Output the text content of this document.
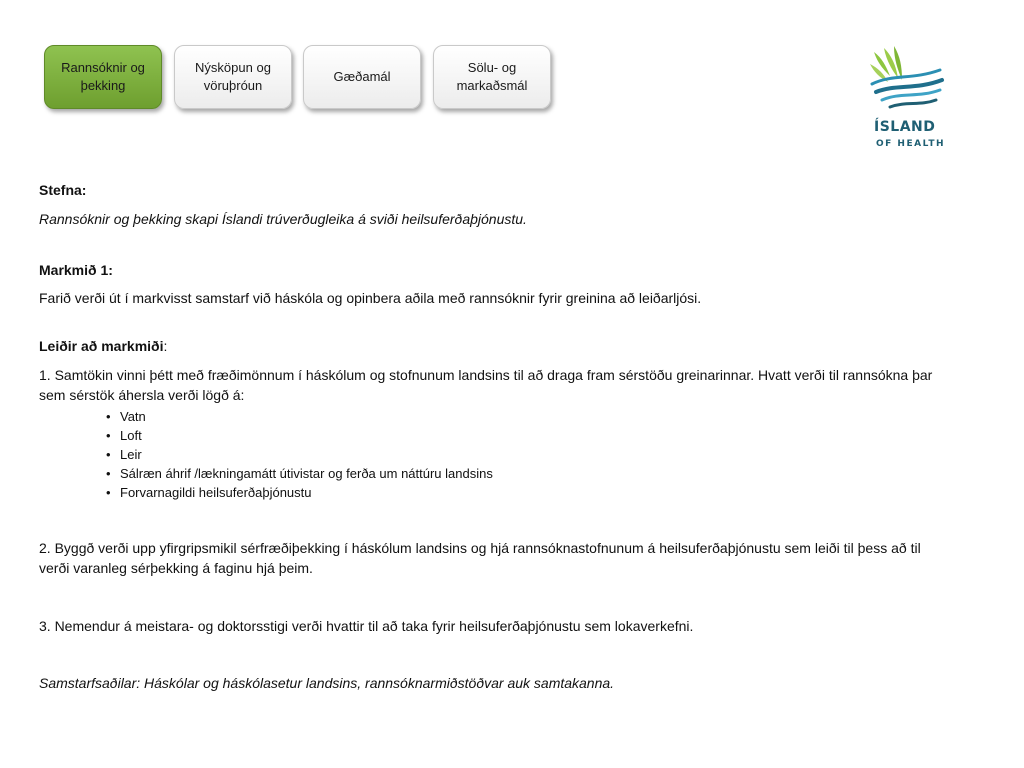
Rannsóknir og þekking
Nýsköpun og vöruþróun
Gæðamál
Sölu- og markaðsmál
ÍSLAND
OF HEALTH

Stefna:

Rannsóknir og þekking skapi Íslandi trúverðugleika á sviði heilsuferðaþjónustu.

Markmið 1:

Farið verði út í markvisst samstarf við háskóla og opinbera aðila með rannsóknir fyrir greinina að leiðarljósi.

Leiðir að markmiði:

1. Samtökin vinni þétt með fræðimönnum í háskólum og stofnunum landsins til að draga fram sérstöðu greinarinnar. Hvatt verði til rannsókna þar sem sérstök áhersla verði lögð á:

• Vatn
• Loft
• Leir
• Sálræn áhrif /lækningamátt útivistar og ferða um náttúru landsins
• Forvarnagildi heilsuferðaþjónustu

2. Byggð verði upp yfirgripsmikil sérfræðiþekking í háskólum landsins og hjá rannsóknastofnunum á heilsuferðaþjónustu sem leiði til þess að til verði varanleg sérþekking á faginu hjá þeim.

3. Nemendur á meistara- og doktorsstigi verði hvattir til að taka fyrir heilsuferðaþjónustu sem lokaverkefni.

Samstarfsaðilar: Háskólar og háskólasetur landsins, rannsóknarmiðstöðvar auk samtakanna.
